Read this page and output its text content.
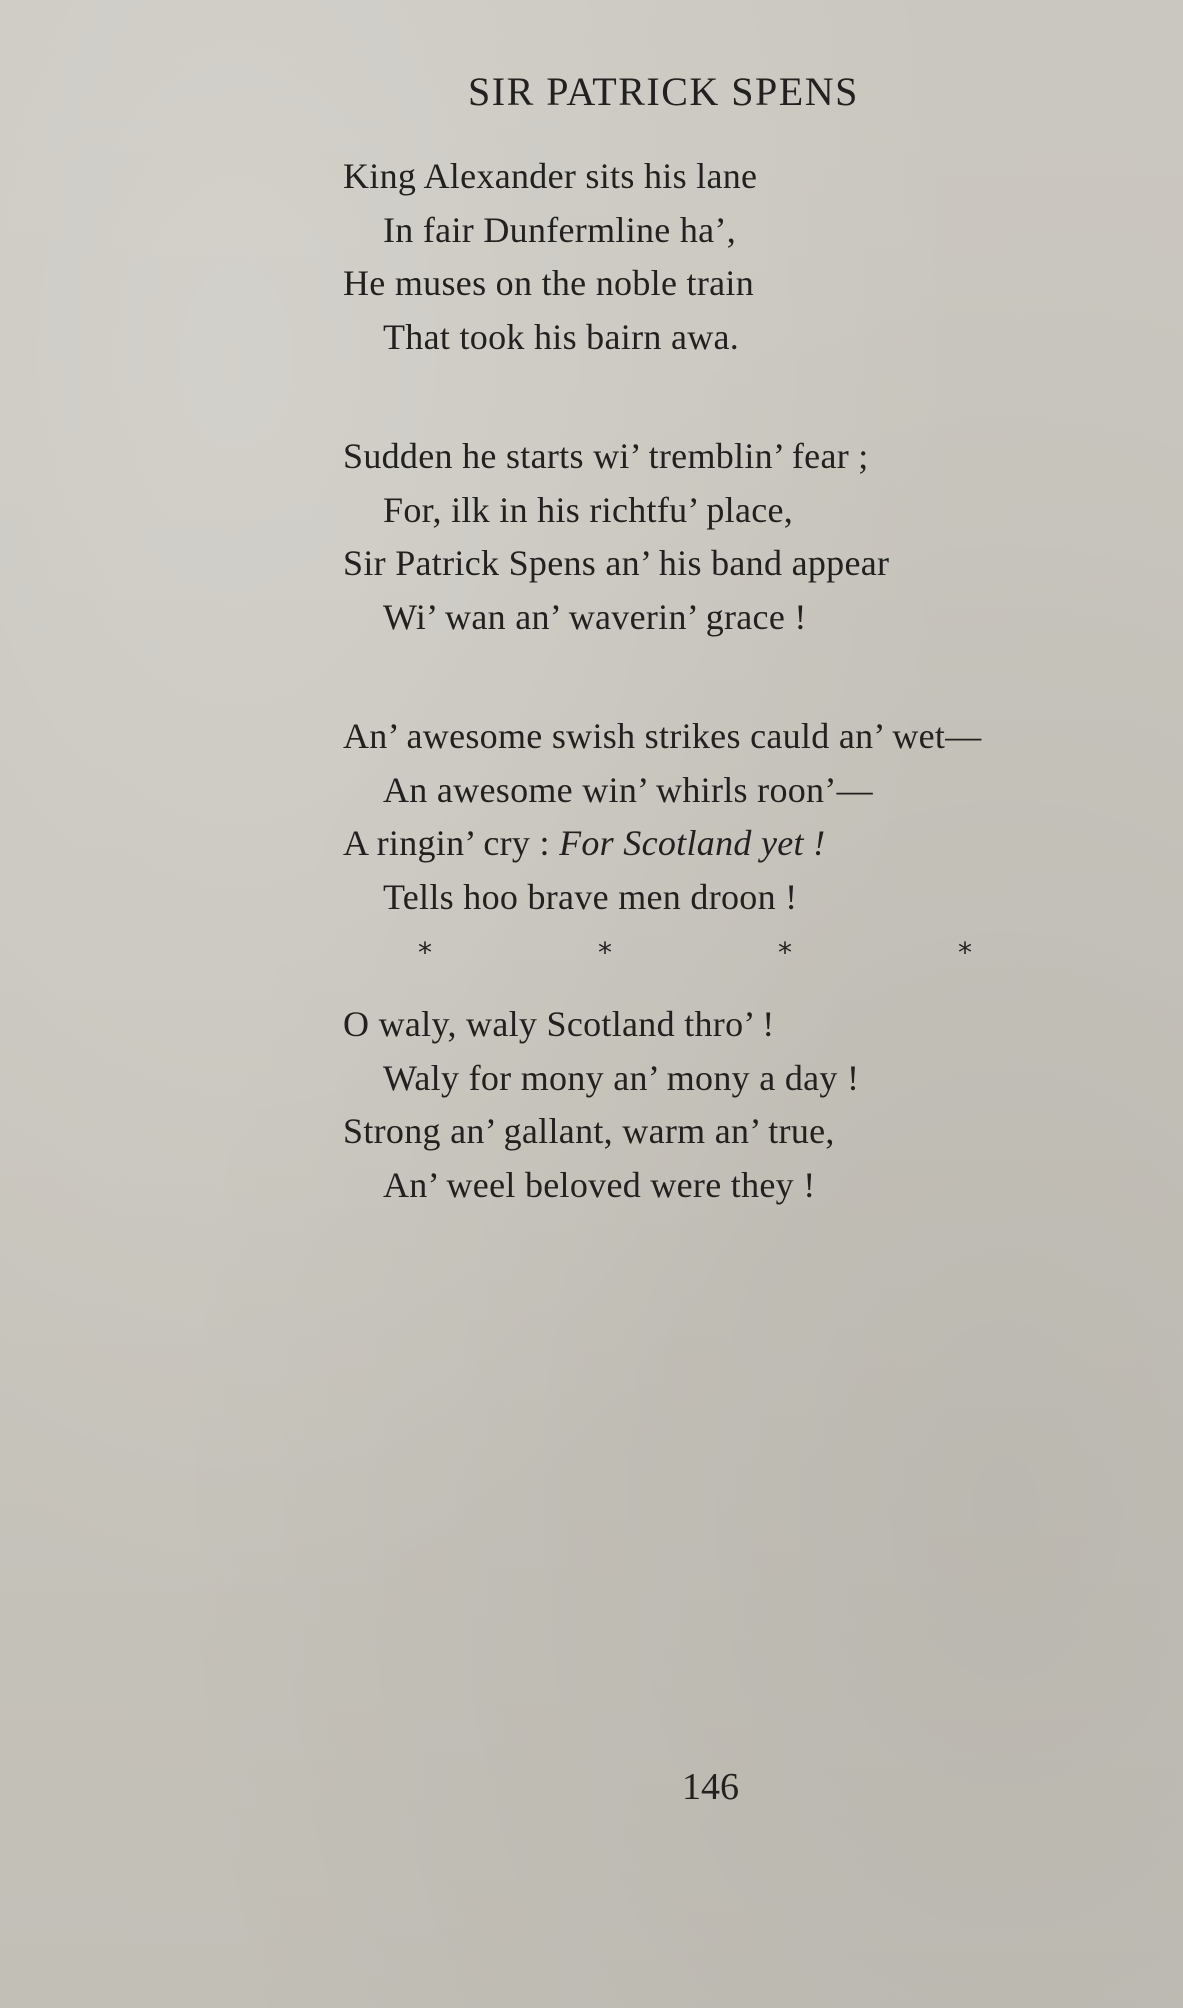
SIR PATRICK SPENS
King Alexander sits his lane
In fair Dunfermline ha’,
He muses on the noble train
That took his bairn awa.
Sudden he starts wi’ tremblin’ fear ;
For, ilk in his richtfu’ place,
Sir Patrick Spens an’ his band appear
Wi’ wan an’ waverin’ grace !
An’ awesome swish strikes cauld an’ wet—
An awesome win’ whirls roon’—
A ringin’ cry : For Scotland yet !
Tells hoo brave men droon !
*	*	*	*
O waly, waly Scotland thro’ !
Waly for mony an’ mony a day !
Strong an’ gallant, warm an’ true,
An’ weel beloved were they !
146
